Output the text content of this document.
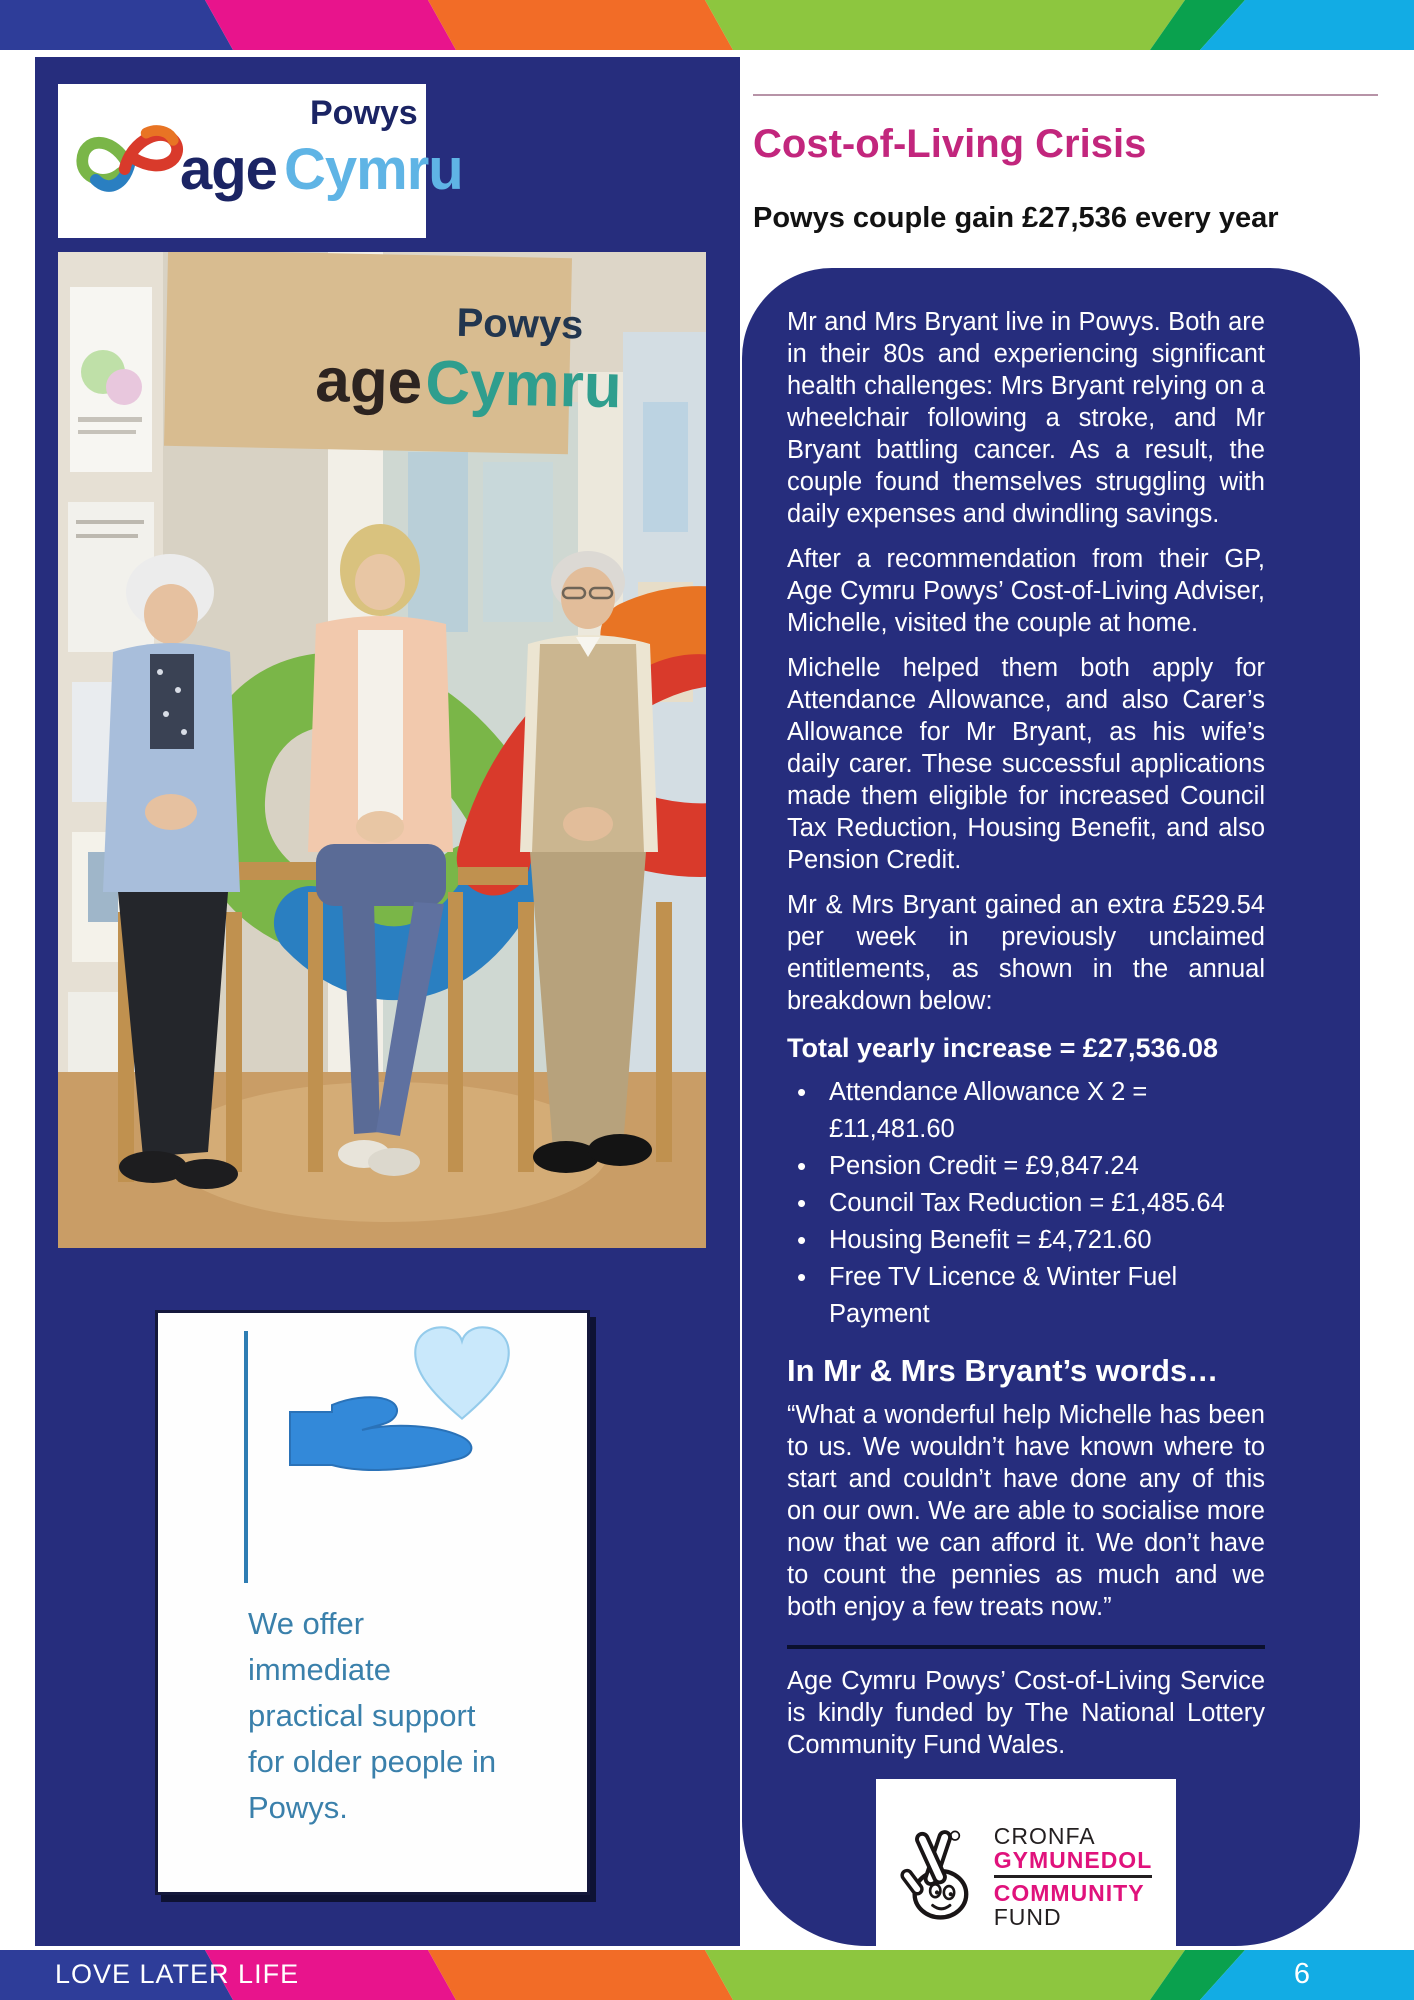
age Cymru
Powys
age Cymru
Powys
We offer
immediate
practical support
for older people in
Powys.
Cost-of-Living Crisis
Powys couple gain £27,536 every year

Mr and Mrs Bryant live in Powys. Both are in their 80s and experiencing significant health challenges: Mrs Bryant relying on a wheelchair following a stroke, and Mr Bryant battling cancer. As a result, the couple found themselves struggling with daily expenses and dwindling savings.

After a recommendation from their GP, Age Cymru Powys’ Cost-of-Living Adviser, Michelle, visited the couple at home.

Michelle helped them both apply for Attendance Allowance, and also Carer’s Allowance for Mr Bryant, as his wife’s daily carer. These successful applications made them eligible for increased Council Tax Reduction, Housing Benefit, and also Pension Credit.

Mr & Mrs Bryant gained an extra £529.54 per week in previously unclaimed entitlements, as shown in the annual breakdown below:

Total yearly increase = £27,536.08
• Attendance Allowance X 2 = £11,481.60
• Pension Credit = £9,847.24
• Council Tax Reduction = £1,485.64
• Housing Benefit = £4,721.60
• Free TV Licence & Winter Fuel Payment
In Mr & Mrs Bryant’s words…

“What a wonderful help Michelle has been to us. We wouldn’t have known where to start and couldn’t have done any of this on our own. We are able to socialise more now that we can afford it. We don’t have to count the pennies as much and we both enjoy a few treats now.”

Age Cymru Powys’ Cost-of-Living Service is kindly funded by The National Lottery Community Fund Wales.

CRONFA
GYMUNEDOL
COMMUNITY
FUND
LOVE LATER LIFE	6
